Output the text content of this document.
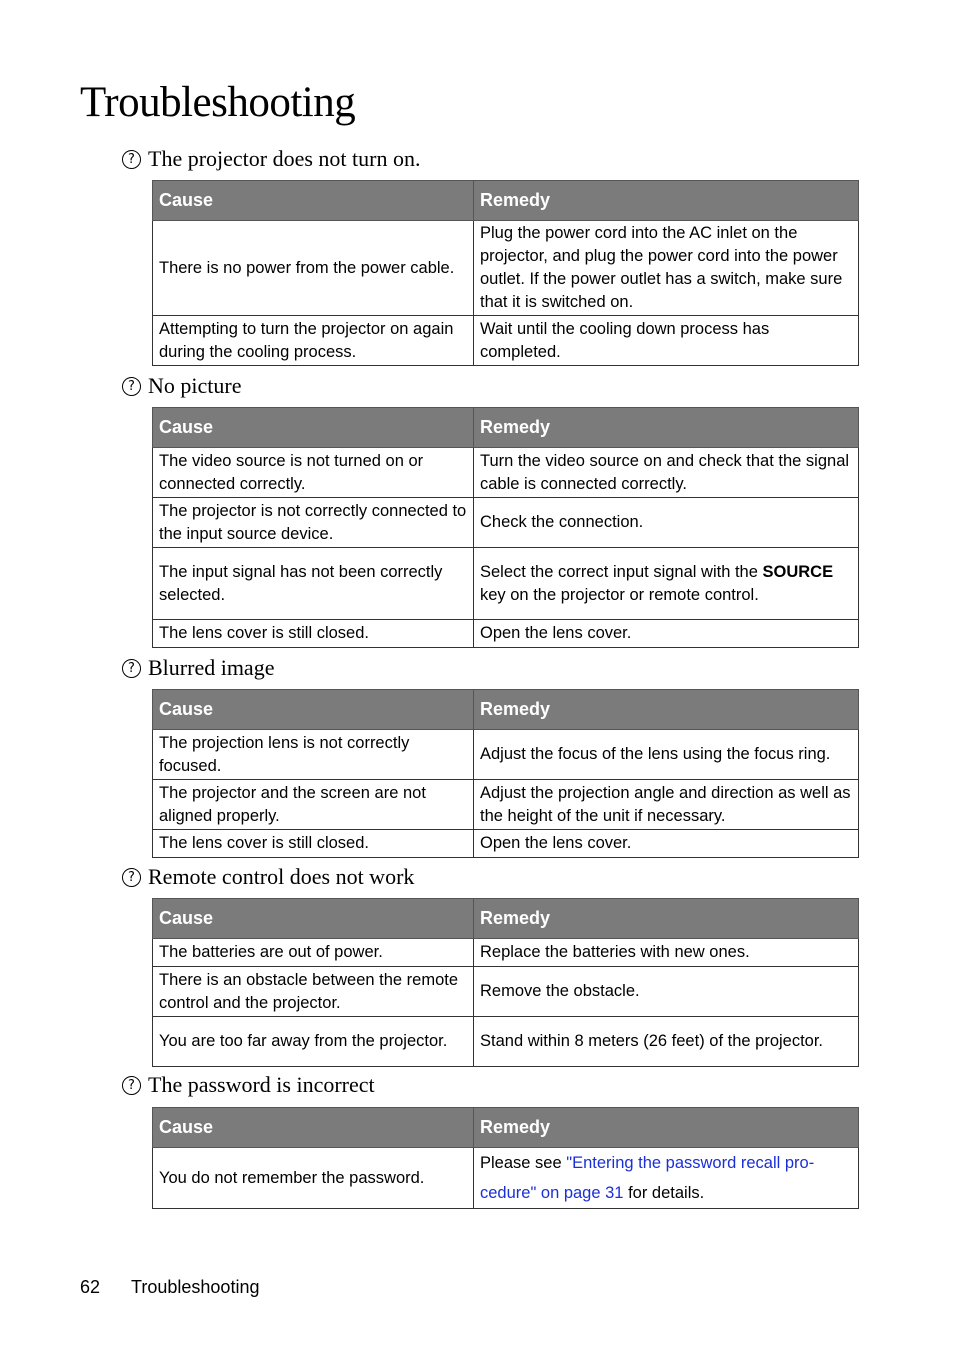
Troubleshooting
? The projector does not turn on.
Cause	Remedy
There is no power from the power cable.	Plug the power cord into the AC inlet on the projector, and plug the power cord into the power outlet. If the power outlet has a switch, make sure that it is switched on.
Attempting to turn the projector on again during the cooling process.	Wait until the cooling down process has completed.
? No picture
Cause	Remedy
The video source is not turned on or connected correctly.	Turn the video source on and check that the signal cable is connected correctly.
The projector is not correctly connected to the input source device.	Check the connection.
The input signal has not been correctly selected.	Select the correct input signal with the SOURCE key on the projector or remote control.
The lens cover is still closed.	Open the lens cover.
? Blurred image
Cause	Remedy
The projection lens is not correctly focused.	Adjust the focus of the lens using the focus ring.
The projector and the screen are not aligned properly.	Adjust the projection angle and direction as well as the height of the unit if necessary.
The lens cover is still closed.	Open the lens cover.
? Remote control does not work
Cause	Remedy
The batteries are out of power.	Replace the batteries with new ones.
There is an obstacle between the remote control and the projector.	Remove the obstacle.
You are too far away from the projector.	Stand within 8 meters (26 feet) of the projector.
? The password is incorrect
Cause	Remedy
You do not remember the password.	Please see "Entering the password recall pro-cedure" on page 31 for details.
62 Troubleshooting
